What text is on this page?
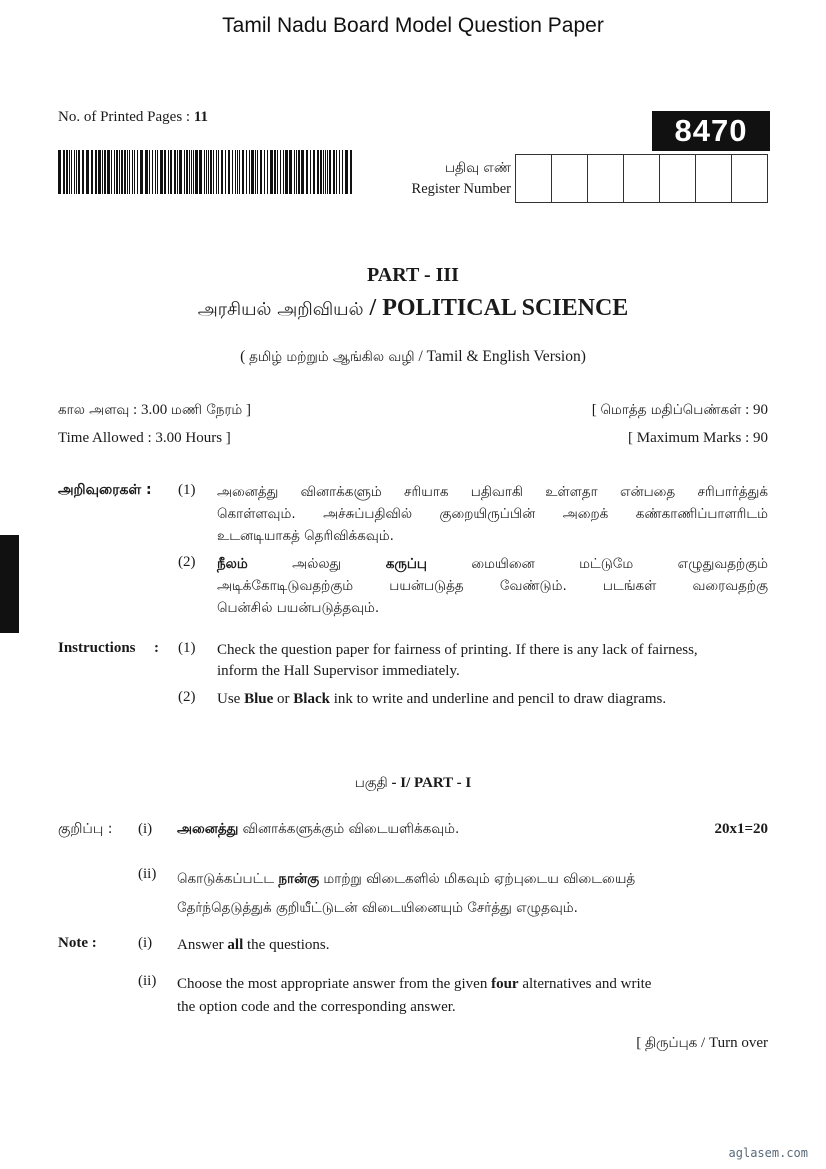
Tamil Nadu Board Model Question Paper
No. of Printed Pages : 11	8470
பதிவு எண்
Register Number
PART - III
அரசியல் அறிவியல் / POLITICAL SCIENCE
( தமிழ் மற்றும் ஆங்கில வழி / Tamil & English Version)
கால அளவு : 3.00 மணி நேரம் ]	[ மொத்த மதிப்பெண்கள் : 90
Time Allowed : 3.00 Hours ]	[ Maximum Marks : 90
அறிவுரைகள் : (1) அனைத்து வினாக்களும் சரியாக பதிவாகி உள்ளதா என்பதை சரிபார்த்துக்
கொள்ளவும். அச்சுப்பதிவில் குறையிருப்பின் அறைக் கண்காணிப்பாளரிடம்
உடனடியாகத் தெரிவிக்கவும்.
(2) நீலம் அல்லது கருப்பு மையினை மட்டுமே எழுதுவதற்கும்
அடிக்கோடிடுவதற்கும் பயன்படுத்த வேண்டும். படங்கள் வரைவதற்கு
பென்சில் பயன்படுத்தவும்.
Instructions : (1) Check the question paper for fairness of printing. If there is any lack of fairness,
inform the Hall Supervisor immediately.
(2) Use Blue or Black ink to write and underline and pencil to draw diagrams.
பகுதி - I/ PART - I
குறிப்பு : (i) அனைத்து வினாக்களுக்கும் விடையளிக்கவும்.	20x1=20
(ii) கொடுக்கப்பட்ட நான்கு மாற்று விடைகளில் மிகவும் ஏற்புடைய விடையைத்
தேர்ந்தெடுத்துக் குறியீட்டுடன் விடையினையும் சேர்த்து எழுதவும்.
Note :	(i) Answer all the questions.
(ii) Choose the most appropriate answer from the given four alternatives and write
the option code and the corresponding answer.
[ திருப்புக / Turn over
aglasem.com
